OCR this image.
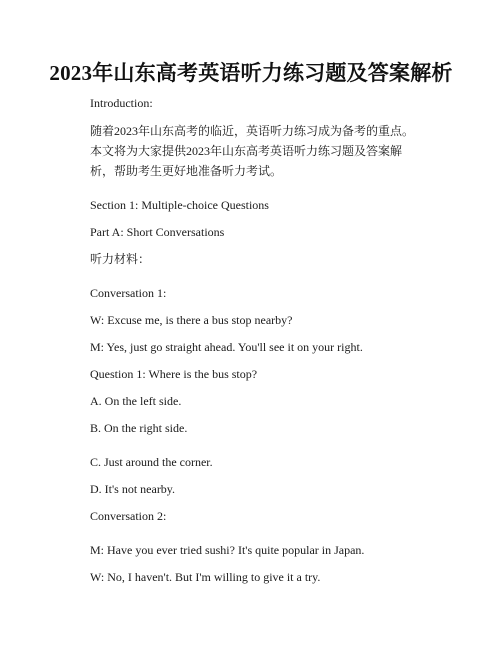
2023年山东高考英语听力练习题及答案解析
Introduction:
随着2023年山东高考的临近，英语听力练习成为备考的重点。本文将为大家提供2023年山东高考英语听力练习题及答案解析，帮助考生更好地准备听力考试。
Section 1: Multiple-choice Questions
Part A: Short Conversations
听力材料：
Conversation 1:
W: Excuse me, is there a bus stop nearby?
M: Yes, just go straight ahead. You'll see it on your right.
Question 1: Where is the bus stop?
A. On the left side.
B. On the right side.
C. Just around the corner.
D. It's not nearby.
Conversation 2:
M: Have you ever tried sushi? It's quite popular in Japan.
W: No, I haven't. But I'm willing to give it a try.
